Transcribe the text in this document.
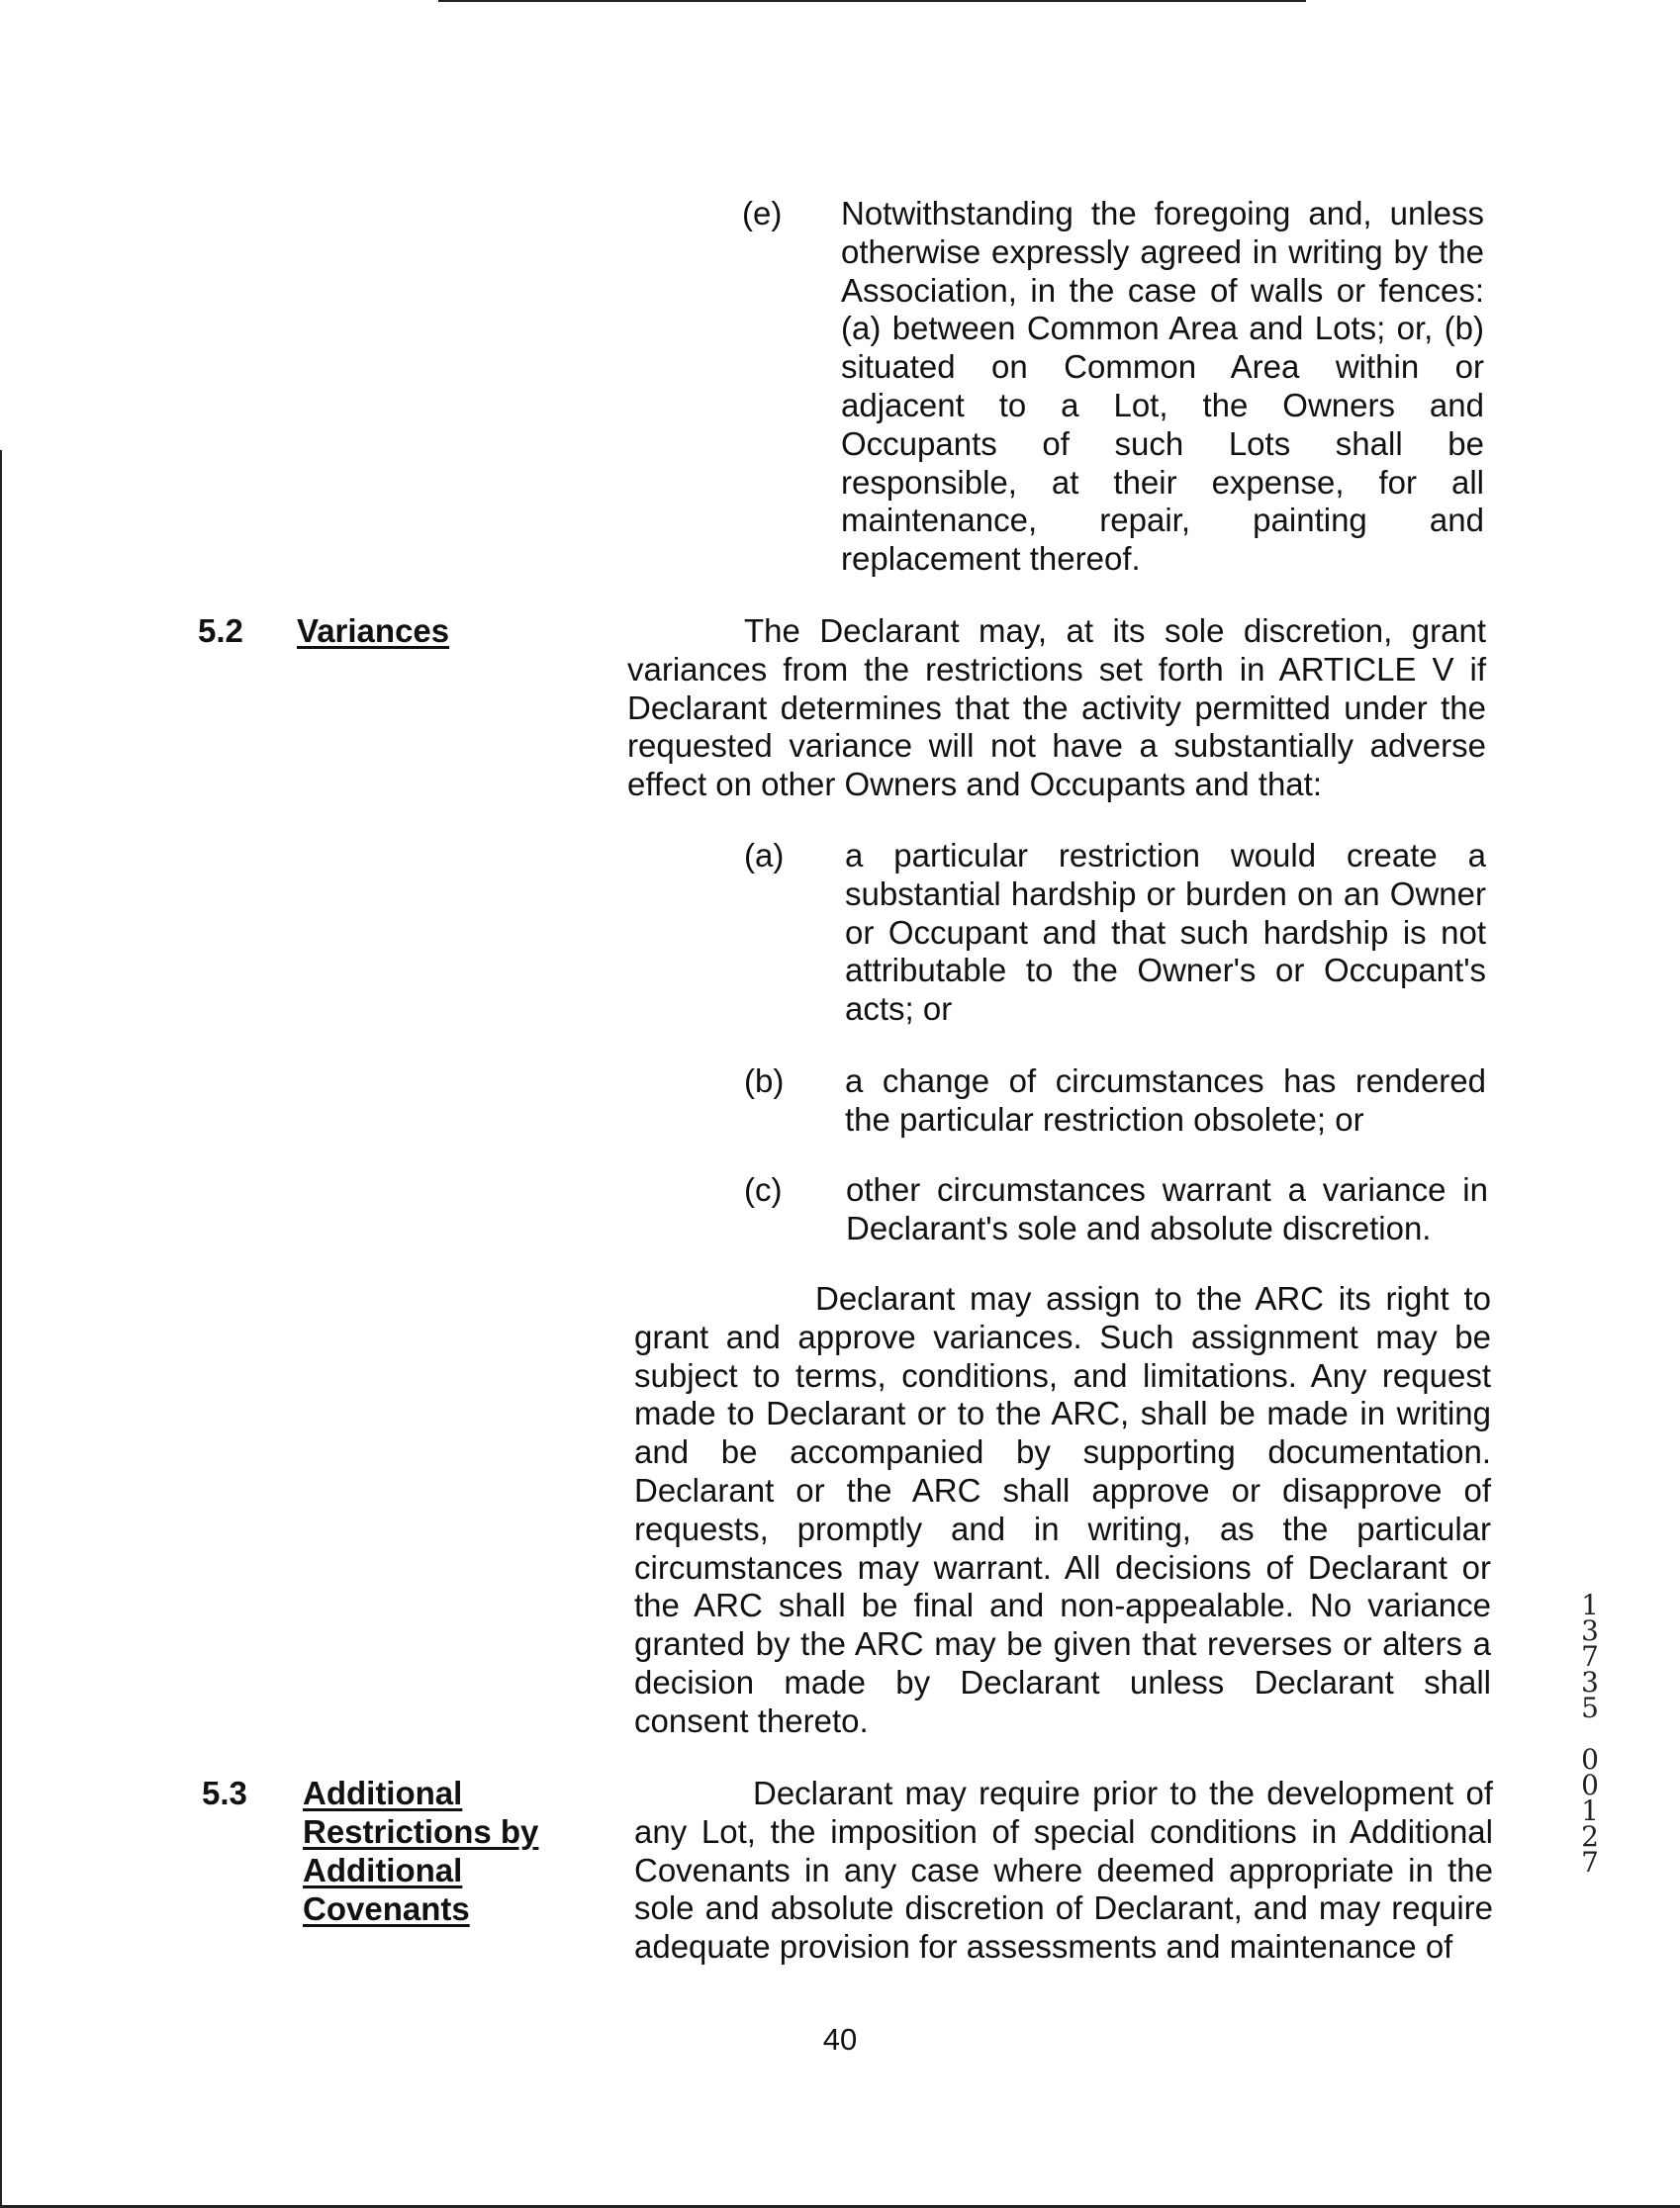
(e) Notwithstanding the foregoing and, unless
otherwise expressly agreed in writing by the
Association, in the case of walls or fences:
(a) between Common Area and Lots; or, (b)
situated on Common Area within or
adjacent to a Lot, the Owners and
Occupants of such Lots shall be
responsible, at their expense, for all
maintenance, repair, painting and
replacement thereof.
5.2 Variances	The Declarant may, at its sole discretion, grant
variances from the restrictions set forth in ARTICLE V if
Declarant determines that the activity permitted under the
requested variance will not have a substantially adverse
effect on other Owners and Occupants and that:
(a) a particular restriction would create a
substantial hardship or burden on an Owner
or Occupant and that such hardship is not
attributable to the Owner's or Occupant's
acts; or
(b) a change of circumstances has rendered
the particular restriction obsolete; or
(c) other circumstances warrant a variance in
Declarant's sole and absolute discretion.
Declarant may assign to the ARC its right to
grant and approve variances. Such assignment may be
subject to terms, conditions, and limitations. Any request
made to Declarant or to the ARC, shall be made in writing
and be accompanied by supporting documentation.
Declarant or the ARC shall approve or disapprove of
requests, promptly and in writing, as the particular
circumstances may warrant. All decisions of Declarant or
the ARC shall be final and non-appealable. No variance
granted by the ARC may be given that reverses or alters a
decision made by Declarant unless Declarant shall
consent thereto.
5.3 Additional
Restrictions by
Additional
Covenants
Declarant may require prior to the development of
any Lot, the imposition of special conditions in Additional
Covenants in any case where deemed appropriate in the
sole and absolute discretion of Declarant, and may require
adequate provision for assessments and maintenance of
40
1
3
7
3
5
0
0
1
2
7
